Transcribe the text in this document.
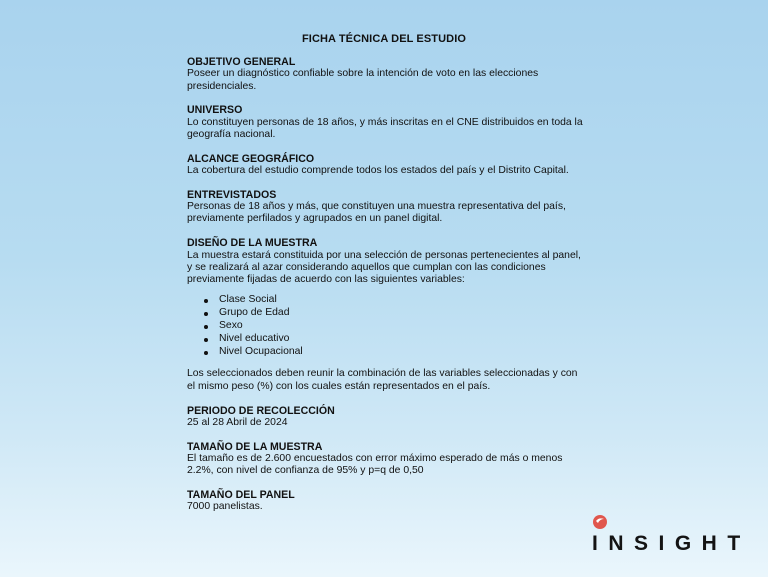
FICHA TÉCNICA DEL ESTUDIO
OBJETIVO GENERAL

Poseer un diagnóstico confiable sobre la intención de voto en las elecciones presidenciales.

UNIVERSO

Lo constituyen personas de 18 años, y más inscritas en el CNE distribuidos en toda la geografía nacional.

ALCANCE GEOGRÁFICO

La cobertura del estudio comprende todos los estados del país y el Distrito Capital.

ENTREVISTADOS

Personas de 18 años y más, que constituyen una muestra representativa del país, previamente perfilados y agrupados en un panel digital.

DISEÑO DE LA MUESTRA

La muestra estará constituida por una selección de personas pertenecientes al panel, y se realizará al azar considerando aquellos que cumplan con las condiciones previamente fijadas de acuerdo con las siguientes variables:

Clase Social
Grupo de Edad
Sexo
Nivel educativo
Nivel Ocupacional

Los seleccionados deben reunir la combinación de las variables seleccionadas y con el mismo peso (%) con los cuales están representados en el país.

PERIODO DE RECOLECCIÓN

25 al 28 Abril de 2024

TAMAÑO DE LA MUESTRA

El tamaño es de 2.600 encuestados con error máximo esperado de más o menos 2.2%, con nivel de confianza de 95% y p=q de 0,50

TAMAÑO DEL PANEL

7000 panelistas.

INSIGHT
